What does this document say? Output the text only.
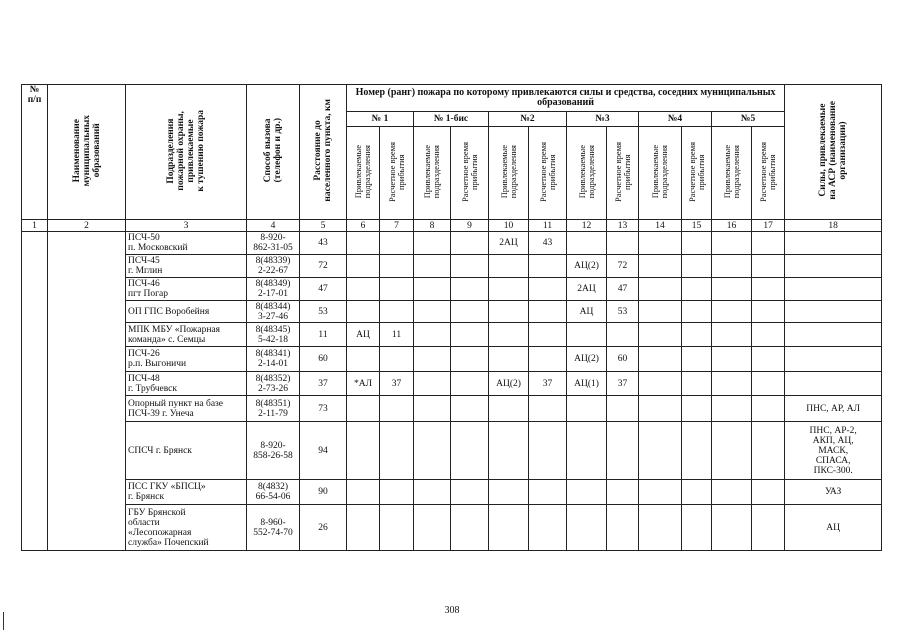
№
п/п	Наименование
муниципальных
образований	Подразделения
пожарной охраны,
привлекаемые
к тушению пожара	Способ вызова
(телефон и др.)	Расстояние до
населенного пункта, км	Номер (ранг) пожара по которому привлекаются силы и средства, соседних муниципальных образований												Силы, привлекаемые
на АСР (наименование
организации)
					№ 1		№ 1-бис		№2		№3		№4		№5		
					Привлекаемые
подразделения	Расчетное время
прибытия	Привлекаемые
подразделения	Расчетное время
прибытия	Привлекаемые
подразделения	Расчетное время
прибытия	Привлекаемые
подразделения	Расчетное время
прибытия	Привлекаемые
подразделения	Расчетное время
прибытия	Привлекаемые
подразделения	Расчетное время
прибытия	
1	2	3	4	5	6	7	8	9	10	11	12	13	14	15	16	17	18
		ПСЧ-50
п. Московский	8-920-
862-31-05	43					2АЦ	43							
		ПСЧ-45
г. Мглин	8(48339)
2-22-67	72							АЦ(2)	72					
		ПСЧ-46
пгт Погар	8(48349)
2-17-01	47							2АЦ	47					
		ОП ГПС Воробейня	8(48344)
3-27-46	53							АЦ	53					
		МПК МБУ «Пожарная
команда» с. Семцы	8(48345)
5-42-18	11	АЦ	11											
		ПСЧ-26
р.п. Выгоничи	8(48341)
2-14-01	60							АЦ(2)	60					
		ПСЧ-48
г. Трубчевск	8(48352)
2-73-26	37	*АЛ	37			АЦ(2)	37	АЦ(1)	37					
		Опорный пункт на базе
ПСЧ-39 г. Унеча	8(48351)
2-11-79	73													ПНС, АР, АЛ
		СПСЧ г. Брянск	8-920-
858-26-58	94													ПНС, АР-2,
АКП, АЦ,
МАСК,
СПАСА,
ПКС-300.
		ПСС ГКУ «БПСЦ»
г. Брянск	8(4832)
66-54-06	90													УАЗ
		ГБУ Брянской
области
«Лесопожарная
служба» Почепский	8-960-
552-74-70	26													АЦ
308
